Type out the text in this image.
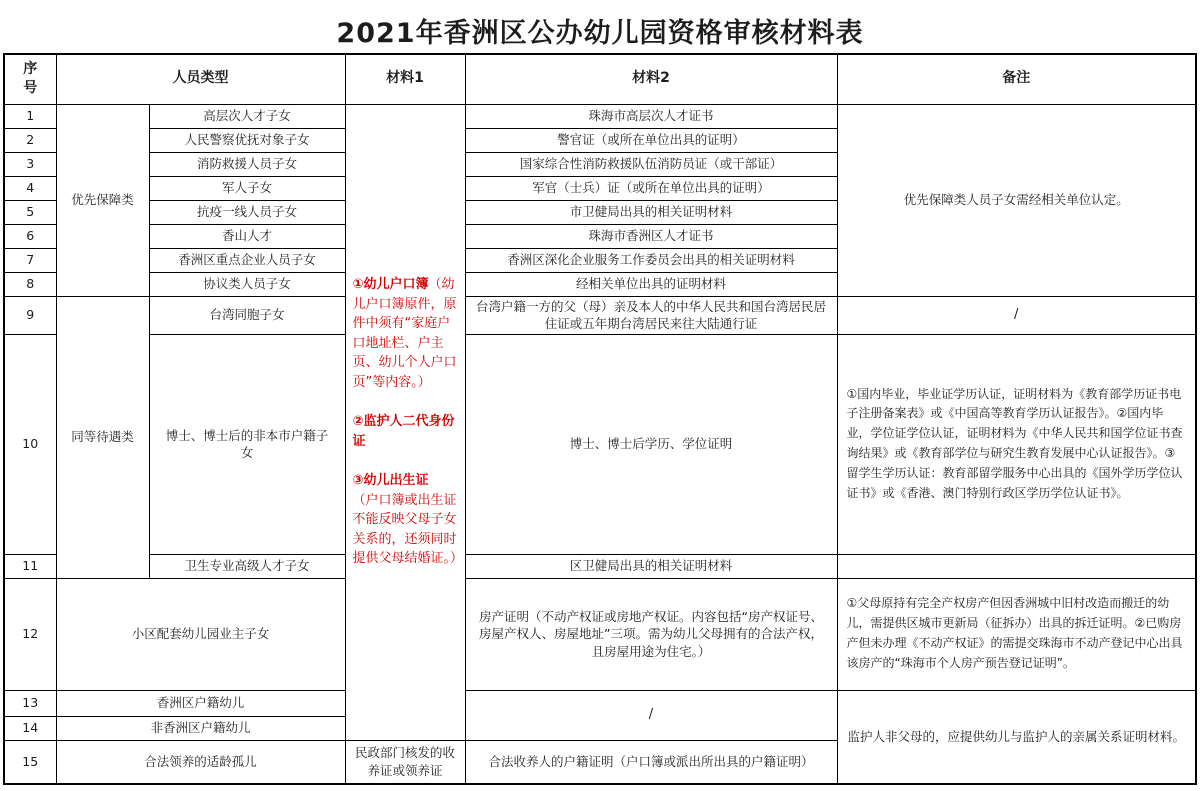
2021年香洲区公办幼儿园资格审核材料表
序号	人员类型		材料1	材料2	备注
1	优先保障类	高层次人才子女	①幼儿户口簿（幼儿户口簿原件，原件中须有“家庭户口地址栏、户主页、幼儿个人户口页”等内容。）

②监护人二代身份证

③幼儿出生证

（户口簿或出生证不能反映父母子女关系的，还须同时提供父母结婚证。）	珠海市高层次人才证书	优先保障类人员子女需经相关单位认定。
2		人民警察优抚对象子女		警官证（或所在单位出具的证明）	
3		消防救援人员子女		国家综合性消防救援队伍消防员证（或干部证）	
4		军人子女		军官（士兵）证（或所在单位出具的证明）	
5		抗疫一线人员子女		市卫健局出具的相关证明材料	
6		香山人才		珠海市香洲区人才证书	
7		香洲区重点企业人员子女		香洲区深化企业服务工作委员会出具的相关证明材料	
8		协议类人员子女		经相关单位出具的证明材料	
9	同等待遇类	台湾同胞子女		台湾户籍一方的父（母）亲及本人的中华人民共和国台湾居民居住证或五年期台湾居民来往大陆通行证	/
10		博士、博士后的非本市户籍子女		博士、博士后学历、学位证明	①国内毕业，毕业证学历认证，证明材料为《教育部学历证书电子注册备案表》或《中国高等教育学历认证报告》。②国内毕业，学位证学位认证，证明材料为《中华人民共和国学位证书查询结果》或《教育部学位与研究生教育发展中心认证报告》。③留学生学历认证：教育部留学服务中心出具的《国外学历学位认证书》或《香港、澳门特别行政区学历学位认证书》。
11		卫生专业高级人才子女		区卫健局出具的相关证明材料	
12	小区配套幼儿园业主子女			房产证明（不动产权证或房地产权证。内容包括“房产权证号、房屋产权人、房屋地址”三项。需为幼儿父母拥有的合法产权，且房屋用途为住宅。）	①父母原持有完全产权房产但因香洲城中旧村改造而搬迁的幼儿，需提供区城市更新局（征拆办）出具的拆迁证明。②已购房产但未办理《不动产权证》的需提交珠海市不动产登记中心出具该房产的“珠海市个人房产预告登记证明”。
13	香洲区户籍幼儿			/	监护人非父母的，应提供幼儿与监护人的亲属关系证明材料。
14	非香洲区户籍幼儿				
15	合法领养的适龄孤儿		民政部门核发的收养证或领养证	合法收养人的户籍证明（户口簿或派出所出具的户籍证明）	
